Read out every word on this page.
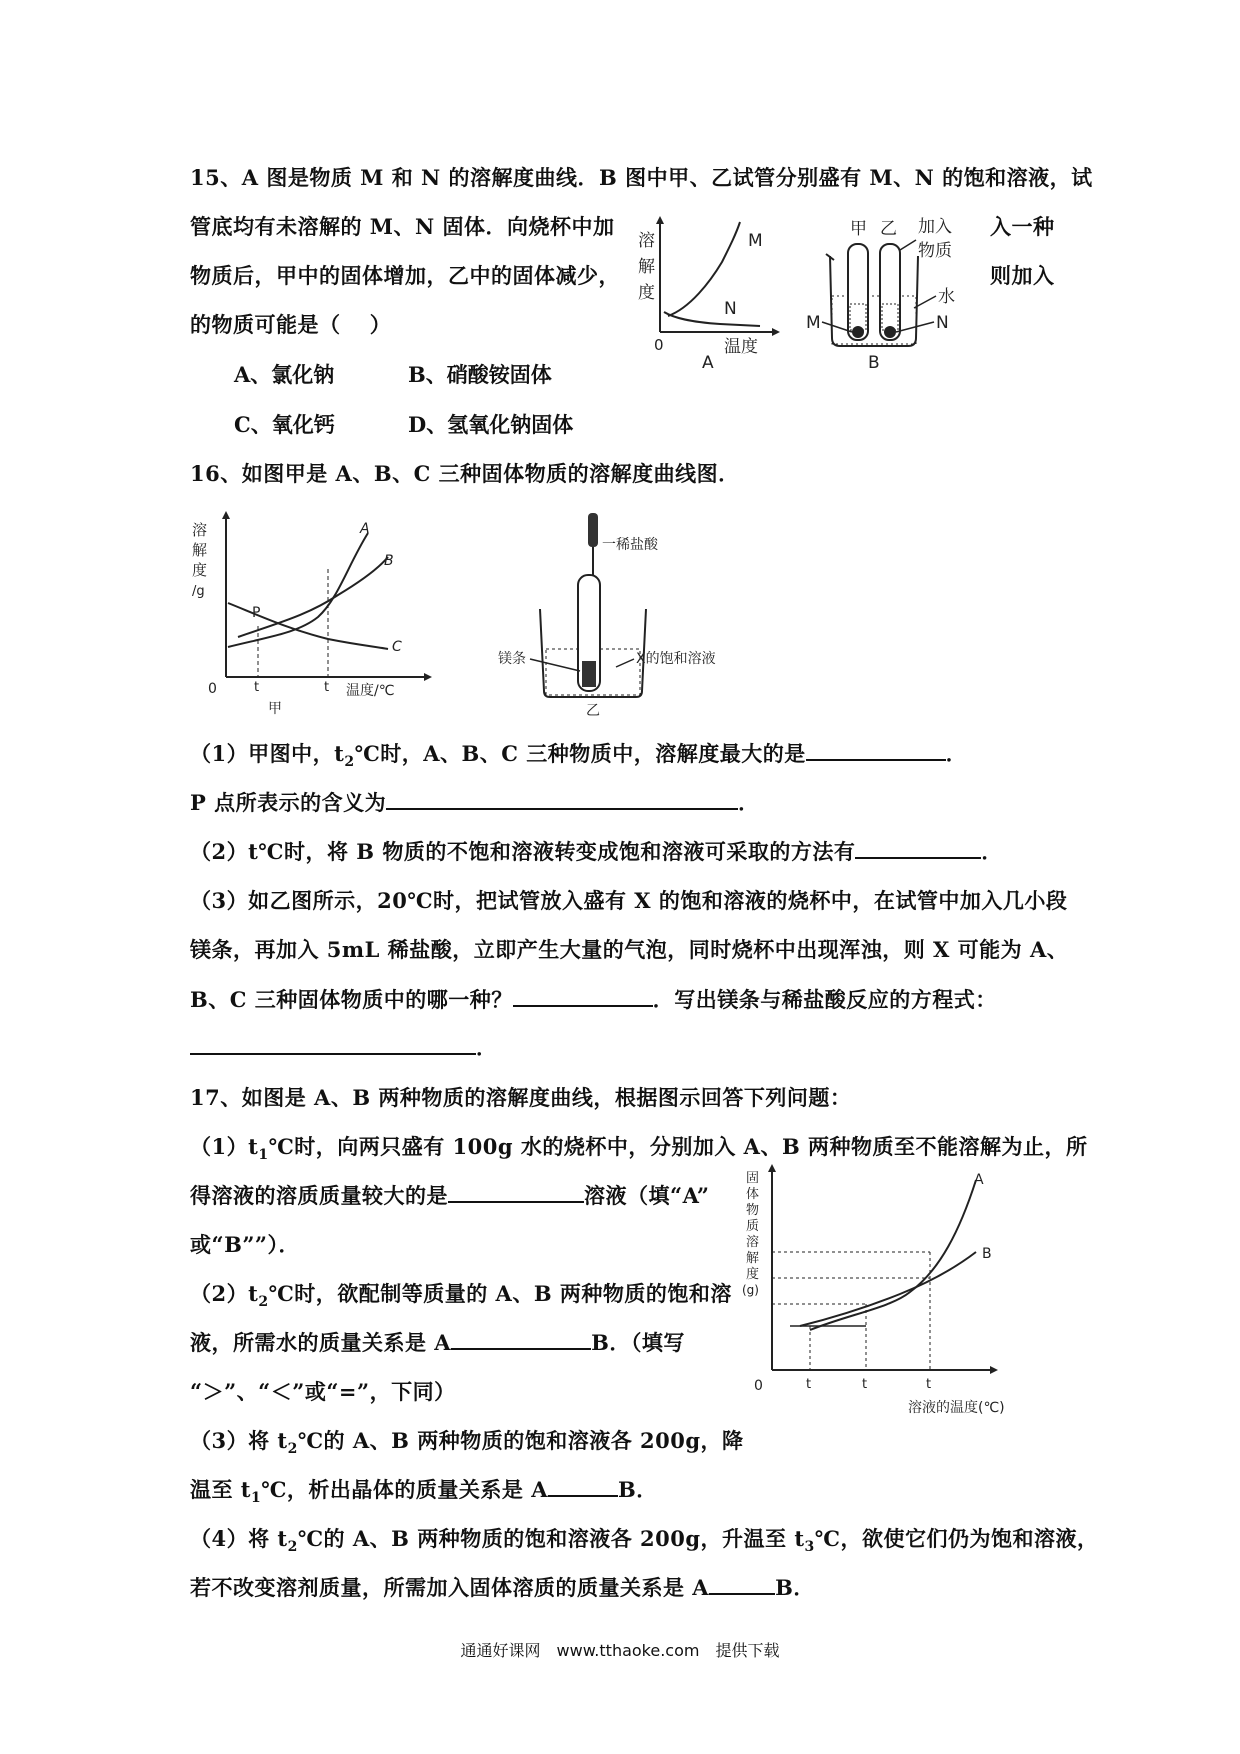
15、A 图是物质 M 和 N 的溶解度曲线．B 图中甲、乙试管分别盛有 M、N 的饱和溶液，试
管底均有未溶解的 M、N 固体．向烧杯中加	入一种
物质后，甲中的固体增加，乙中的固体减少，	则加入
的物质可能是（　 ）
A、氯化钠	B、硝酸铵固体
C、氧化钙	D、氢氧化钠固体
溶
解
度
0	温度
M
N
A
甲 乙 加入
物质
水
N
M
B
16、如图甲是 A、B、C 三种固体物质的溶解度曲线图．
溶
解
度
/g
0	t	t 温度/℃
A
B
C
P
甲
一稀盐酸
镁条	X的饱和溶液
乙
（1）甲图中，$t_2℃$时，A、B、C 三种物质中，溶解度最大的是	．
P 点所表示的含义为	．
（2）t℃时，将 B 物质的不饱和溶液转变成饱和溶液可采取的方法有	．
（3）如乙图所示，20℃时，把试管放入盛有 X 的饱和溶液的烧杯中，在试管中加入几小段
镁条，再加入 5mL 稀盐酸，立即产生大量的气泡，同时烧杯中出现浑浊，则 X 可能为 A、
B、C 三种固体物质中的哪一种？	．写出镁条与稀盐酸反应的方程式：
．
17、如图是 A、B 两种物质的溶解度曲线，根据图示回答下列问题：
$(1)t_1℃$时，向两只盛有 100g 水的烧杯中，分别加入 A、B 两种物质至不能溶解为止，所
得溶液的溶质质量较大的是	溶液（填“A”
或“B””）．
$(2)t_2℃$时，欲配制等质量的 A、B 两种物质的饱和溶
液，所需水的质量关系是 A	B．（填写
“＞”、“＜”或“=”，下同）
（3）将 $t_2℃$的 A、B 两种物质的饱和溶液各 200g，降
温至 $t_1℃$，析出晶体的质量关系是 A	B．
（4）将 $t_2℃$的 A、B 两种物质的饱和溶液各 200g，升温至 $t_3℃$，欲使它们仍为饱和溶液，
若不改变溶剂质量，所需加入固体溶质的质量关系是 A	B．
固
体
物
质
溶
解
度
(g)
0	t	t	t
溶液的温度(℃)
A
B
通通好课网　www.tthaoke.com　提供下载
